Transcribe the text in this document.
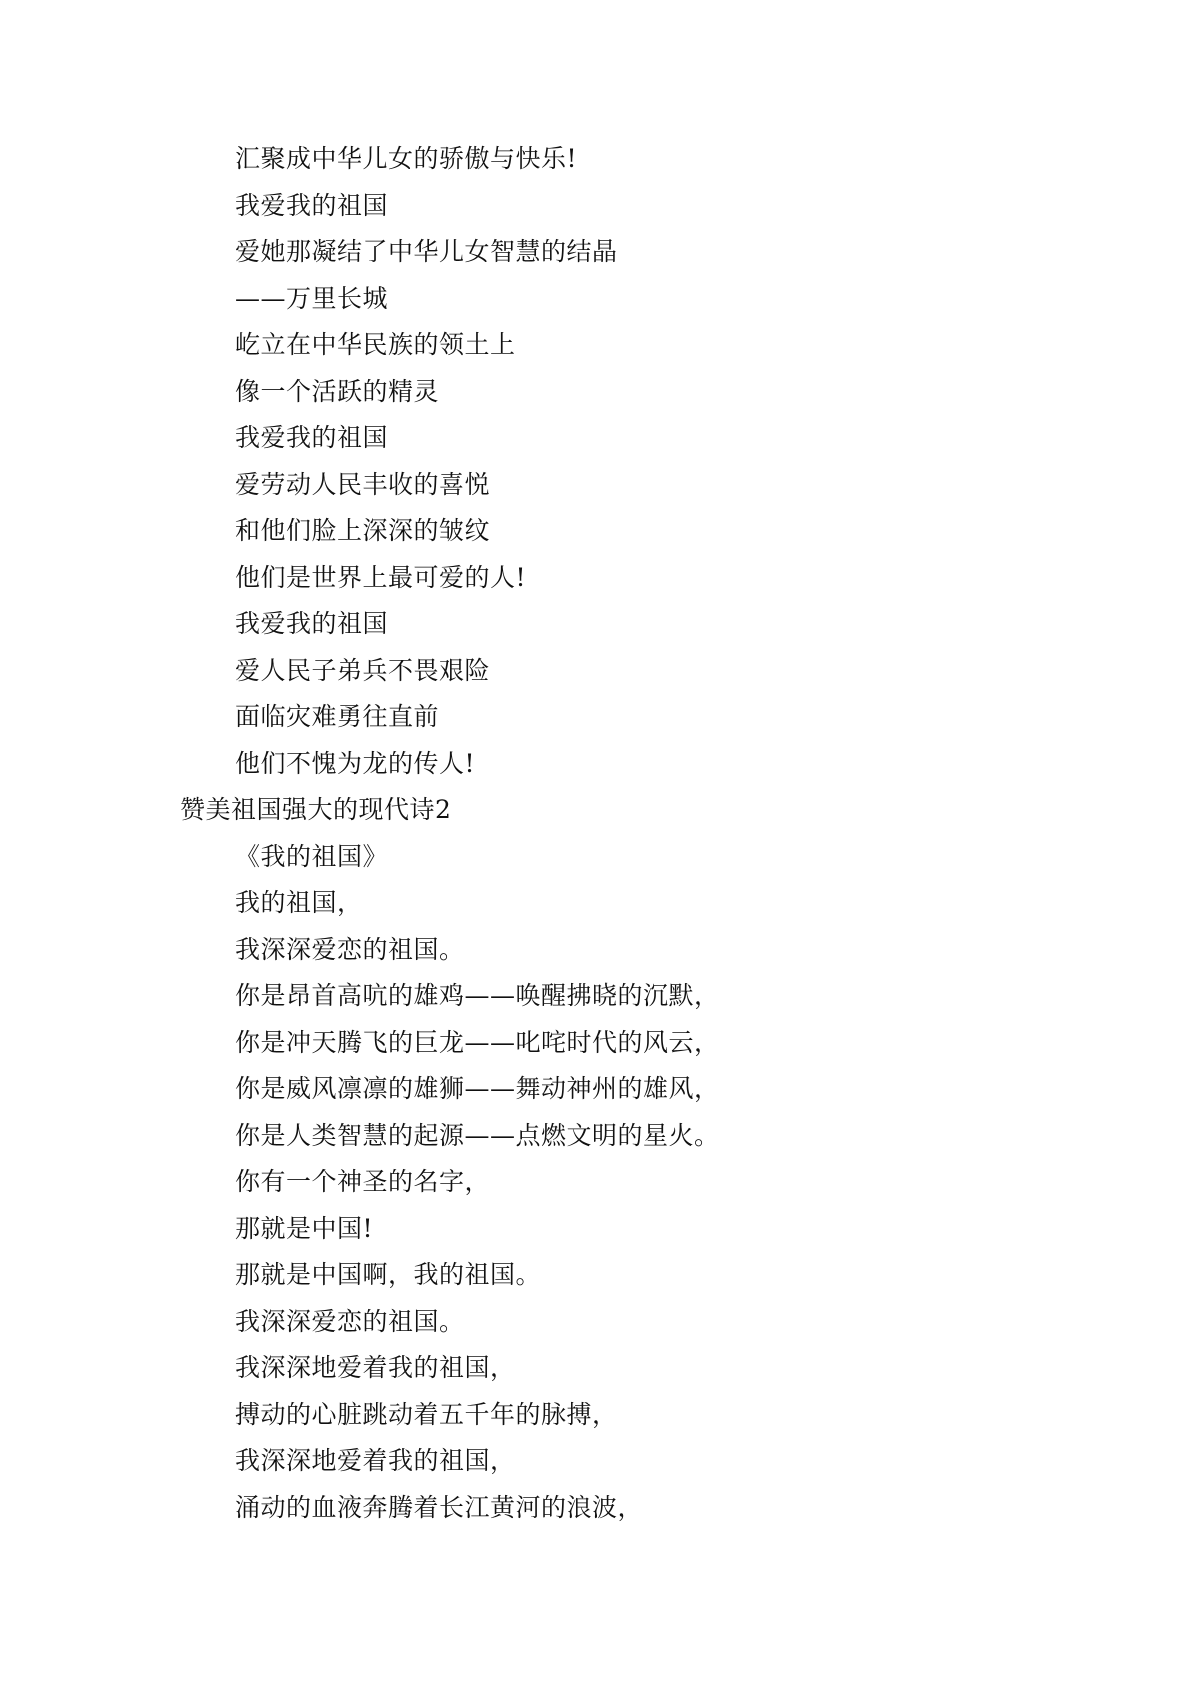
汇聚成中华儿女的骄傲与快乐!
我爱我的祖国
爱她那凝结了中华儿女智慧的结晶
——万里长城
屹立在中华民族的领土上
像一个活跃的精灵
我爱我的祖国
爱劳动人民丰收的喜悦
和他们脸上深深的皱纹
他们是世界上最可爱的人!
我爱我的祖国
爱人民子弟兵不畏艰险
面临灾难勇往直前
他们不愧为龙的传人!
赞美祖国强大的现代诗2
《我的祖国》
我的祖国，
我深深爱恋的祖国。
你是昂首高吭的雄鸡——唤醒拂晓的沉默，
你是冲天腾飞的巨龙——叱咤时代的风云，
你是威风凛凛的雄狮——舞动神州的雄风，
你是人类智慧的起源——点燃文明的星火。
你有一个神圣的名字，
那就是中国!
那就是中国啊，我的祖国。
我深深爱恋的祖国。
我深深地爱着我的祖国，
搏动的心脏跳动着五千年的脉搏，
我深深地爱着我的祖国，
涌动的血液奔腾着长江黄河的浪波，
